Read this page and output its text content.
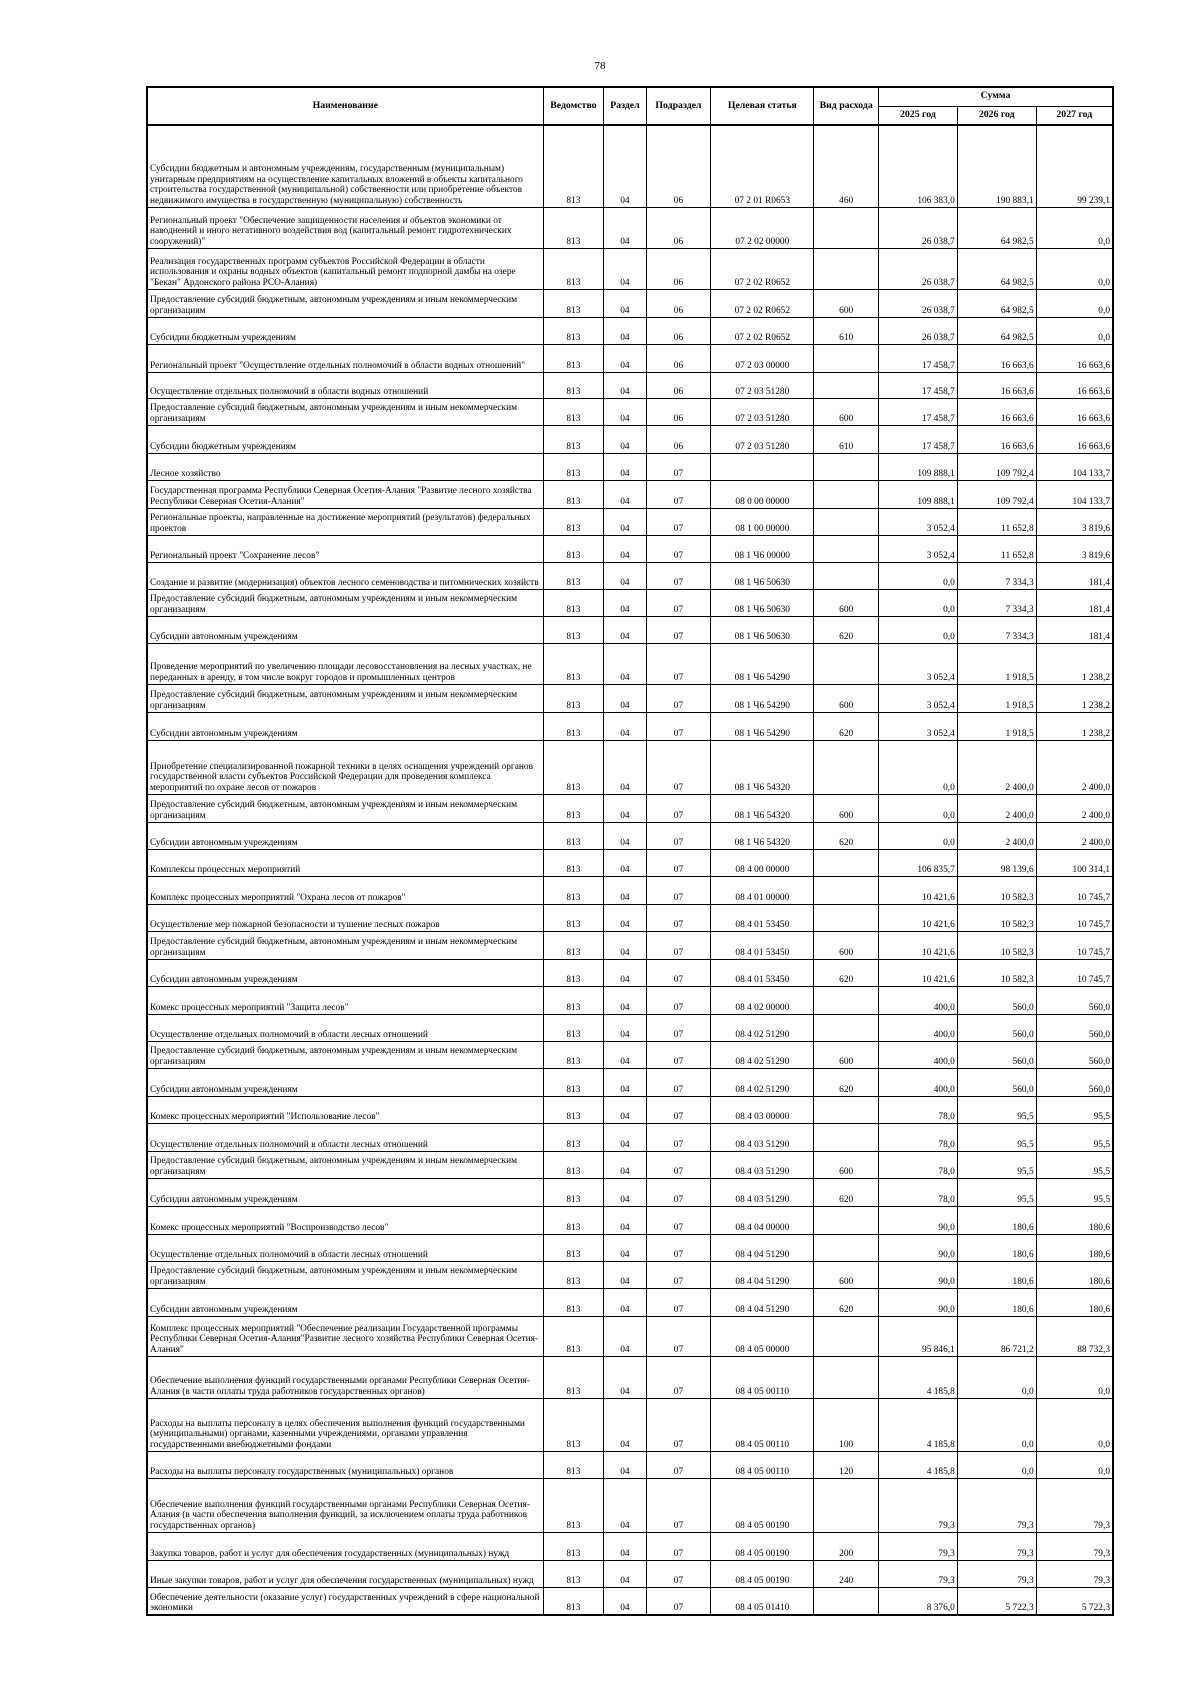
78
Наименование	Ведомство	Раздел	Подраздел	Целевая статья	Вид расхода	Сумма		
						2025 год	2026 год	2027 год
Субсидии бюджетным и автономным учреждениям, государственным (муниципальным) унитарным предприятиям на осуществление капитальных вложений в объекты капитального строительства государственной (муниципальной) собственности или приобретение объектов недвижимого имущества в государственную (муниципальную) собственность	813	04	06	07 2 01 R0653	460	106 383,0	190 883,1	99 239,1
Региональный проект "Обеспечение защищенности населения и объектов экономики от наводнений и иного негативного воздействия вод (капитальный ремонт гидротехнических сооружений)"	813	04	06	07 2 02 00000		26 038,7	64 982,5	0,0
Реализация государственных программ субъектов Российской Федерации в области использования и охраны водных объектов (капитальный ремонт подпорной дамбы на озере "Бекан" Ардонского района РСО-Алания)	813	04	06	07 2 02 R0652		26 038,7	64 982,5	0,0
Предоставление субсидий бюджетным, автономным учреждениям и иным некоммерческим организациям	813	04	06	07 2 02 R0652	600	26 038,7	64 982,5	0,0
Субсидии бюджетным учреждениям	813	04	06	07 2 02 R0652	610	26 038,7	64 982,5	0,0
Региональный проект "Осуществление отдельных полномочий в области водных отношений"	813	04	06	07 2 03 00000		17 458,7	16 663,6	16 663,6
Осуществление отдельных полномочий в области водных отношений	813	04	06	07 2 03 51280		17 458,7	16 663,6	16 663,6
Предоставление субсидий бюджетным, автономным учреждениям и иным некоммерческим организациям	813	04	06	07 2 03 51280	600	17 458,7	16 663,6	16 663,6
Субсидии бюджетным учреждениям	813	04	06	07 2 03 51280	610	17 458,7	16 663,6	16 663,6
Лесное хозяйство	813	04	07			109 888,1	109 792,4	104 133,7
Государственная программа Республики Северная Осетия-Алания "Развитие лесного хозяйства Республики Северная Осетия-Алания"	813	04	07	08 0 00 00000		109 888,1	109 792,4	104 133,7
Региональные проекты, направленные на достижение мероприятий (результатов) федеральных проектов	813	04	07	08 1 00 00000		3 052,4	11 652,8	3 819,6
Региональный проект "Сохранение лесов"	813	04	07	08 1 Ч6 00000		3 052,4	11 652,8	3 819,6
Создание и развитие (модернизация) объектов лесного семеноводства и питомнических хозяйств	813	04	07	08 1 Ч6 50630		0,0	7 334,3	181,4
Предоставление субсидий бюджетным, автономным учреждениям и иным некоммерческим организациям	813	04	07	08 1 Ч6 50630	600	0,0	7 334,3	181,4
Субсидии автономным учреждениям	813	04	07	08 1 Ч6 50630	620	0,0	7 334,3	181,4
Проведение мероприятий по увеличению площади лесовосстановления на лесных участках, не переданных в аренду, в том числе вокруг городов и промышленных центров	813	04	07	08 1 Ч6 54290		3 052,4	1 918,5	1 238,2
Предоставление субсидий бюджетным, автономным учреждениям и иным некоммерческим организациям	813	04	07	08 1 Ч6 54290	600	3 052,4	1 918,5	1 238,2
Субсидии автономным учреждениям	813	04	07	08 1 Ч6 54290	620	3 052,4	1 918,5	1 238,2
Приобретение специализированной пожарной техники в целях оснащения учреждений органов государственной власти субъектов Российской Федерации для проведения комплекса мероприятий по охране лесов от пожаров	813	04	07	08 1 Ч6 54320		0,0	2 400,0	2 400,0
Предоставление субсидий бюджетным, автономным учреждениям и иным некоммерческим организациям	813	04	07	08 1 Ч6 54320	600	0,0	2 400,0	2 400,0
Субсидии автономным учреждениям	813	04	07	08 1 Ч6 54320	620	0,0	2 400,0	2 400,0
Комплексы процессных мероприятий	813	04	07	08 4 00 00000		106 835,7	98 139,6	100 314,1
Комплекс процессных мероприятий "Охрана лесов от пожаров"	813	04	07	08 4 01 00000		10 421,6	10 582,3	10 745,7
Осуществление мер пожарной безопасности и тушение лесных пожаров	813	04	07	08 4 01 53450		10 421,6	10 582,3	10 745,7
Предоставление субсидий бюджетным, автономным учреждениям и иным некоммерческим организациям	813	04	07	08 4 01 53450	600	10 421,6	10 582,3	10 745,7
Субсидии автономным учреждениям	813	04	07	08 4 01 53450	620	10 421,6	10 582,3	10 745,7
Комекс процессных мероприятий "Защита лесов"	813	04	07	08 4 02 00000		400,0	560,0	560,0
Осуществление отдельных полномочий в области лесных отношений	813	04	07	08 4 02 51290		400,0	560,0	560,0
Предоставление субсидий бюджетным, автономным учреждениям и иным некоммерческим организациям	813	04	07	08 4 02 51290	600	400,0	560,0	560,0
Субсидии автономным учреждениям	813	04	07	08 4 02 51290	620	400,0	560,0	560,0
Комекс процессных мероприятий "Использование лесов"	813	04	07	08 4 03 00000		78,0	95,5	95,5
Осуществление отдельных полномочий в области лесных отношений	813	04	07	08 4 03 51290		78,0	95,5	95,5
Предоставление субсидий бюджетным, автономным учреждениям и иным некоммерческим организациям	813	04	07	08 4 03 51290	600	78,0	95,5	95,5
Субсидии автономным учреждениям	813	04	07	08 4 03 51290	620	78,0	95,5	95,5
Комекс процессных мероприятий "Воспроизводство лесов"	813	04	07	08 4 04 00000		90,0	180,6	180,6
Осуществление отдельных полномочий в области лесных отношений	813	04	07	08 4 04 51290		90,0	180,6	180,6
Предоставление субсидий бюджетным, автономным учреждениям и иным некоммерческим организациям	813	04	07	08 4 04 51290	600	90,0	180,6	180,6
Субсидии автономным учреждениям	813	04	07	08 4 04 51290	620	90,0	180,6	180,6
Комплекс процессных мероприятий "Обеспечение реализации Государственной программы Республики Северная Осетия-Алания"Развитие лесного хозяйства Республики Северная Осетия-Алания"	813	04	07	08 4 05 00000		95 846,1	86 721,2	88 732,3
Обеспечение выполнения функций государственными органами Республики Северная Осетия-Алания (в части оплаты труда работников государственных органов)	813	04	07	08 4 05 00110		4 185,8	0,0	0,0
Расходы на выплаты персоналу в целях обеспечения выполнения функций государственными (муниципальными) органами, казенными учреждениями, органами управления государственными внебюджетными фондами	813	04	07	08 4 05 00110	100	4 185,8	0,0	0,0
Расходы на выплаты персоналу государственных (муниципальных) органов	813	04	07	08 4 05 00110	120	4 185,8	0,0	0,0
Обеспечение выполнения функций государственными органами Республики Северная Осетия-Алания (в части обеспечения выполнения функций, за исключением оплаты труда работников государственных органов)	813	04	07	08 4 05 00190		79,3	79,3	79,3
Закупка товаров, работ и услуг для обеспечения государственных (муниципальных) нужд	813	04	07	08 4 05 00190	200	79,3	79,3	79,3
Иные закупки товаров, работ и услуг для обеспечения государственных (муниципальных) нужд	813	04	07	08 4 05 00190	240	79,3	79,3	79,3
Обеспечение деятельности (оказание услуг) государственных учреждений в сфере национальной экономики	813	04	07	08 4 05 01410		8 376,0	5 722,3	5 722,3
